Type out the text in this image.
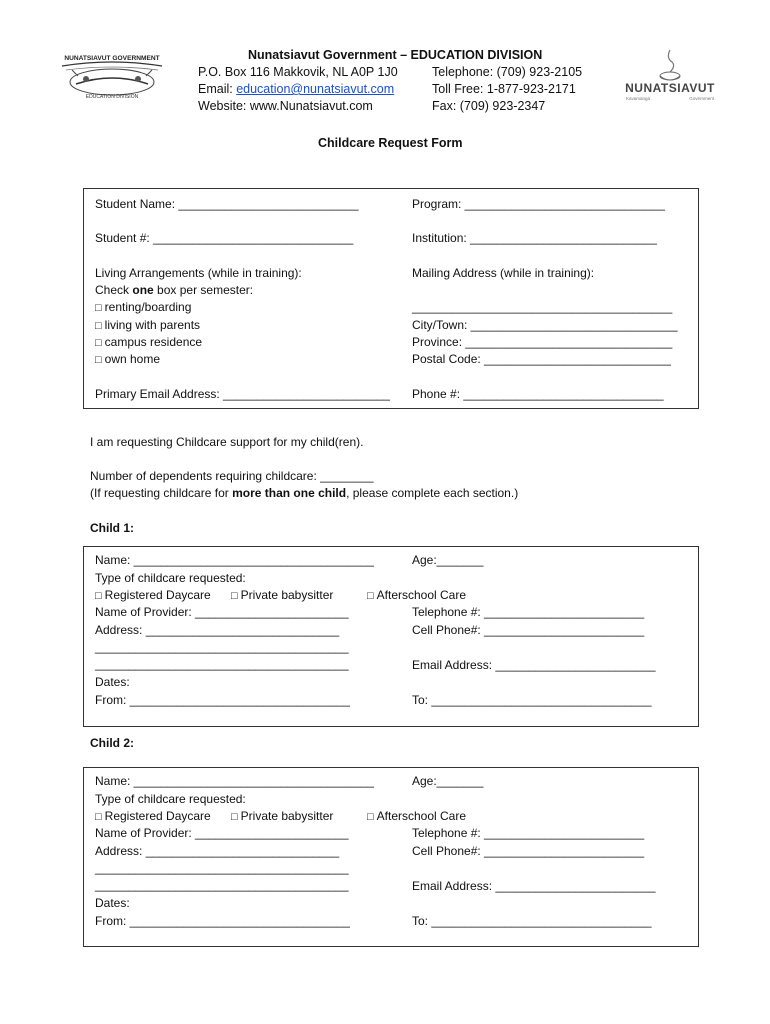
NUNATSIAVUT GOVERNMENT
EDUCATION DIVISION
Nunatsiavut Government – EDUCATION DIVISION
P.O. Box 116 Makkovik, NL A0P 1J0
Email: education@nunatsiavut.com
Website: www.Nunatsiavut.com
Telephone: (709) 923-2105
Toll Free: 1-877-923-2171
Fax: (709) 923-2347
NUNATSIAVUT
Kavamanga	Government
Childcare Request Form
Student Name: ___________________________	Program: ______________________________
Student #: ______________________________	Institution: ____________________________
Living Arrangements (while in training):
Check one box per semester:
□ renting/boarding
□ living with parents
□ campus residence
□ own home
Mailing Address (while in training):
_______________________________________
City/Town: _______________________________
Province: _______________________________
Postal Code: ____________________________
Primary Email Address: _________________________ Phone #: ______________________________
I am requesting Childcare support for my child(ren).
Number of dependents requiring childcare: ________
(If requesting childcare for more than one child, please complete each section.)
Child 1:
Name: ____________________________________	Age:_______
Type of childcare requested:
□ Registered Daycare □ Private babysitter	□ Afterschool Care
Name of Provider: _______________________	Telephone #: ________________________
Address: _____________________________	Cell Phone#: ________________________
______________________________________
______________________________________	Email Address: ________________________
Dates:
From: _________________________________	To: _________________________________
Child 2:
Name: ____________________________________	Age:_______
Type of childcare requested:
□ Registered Daycare □ Private babysitter	□ Afterschool Care
Name of Provider: _______________________	Telephone #: ________________________
Address: _____________________________	Cell Phone#: ________________________
______________________________________
______________________________________	Email Address: ________________________
Dates:
From: _________________________________	To: _________________________________
